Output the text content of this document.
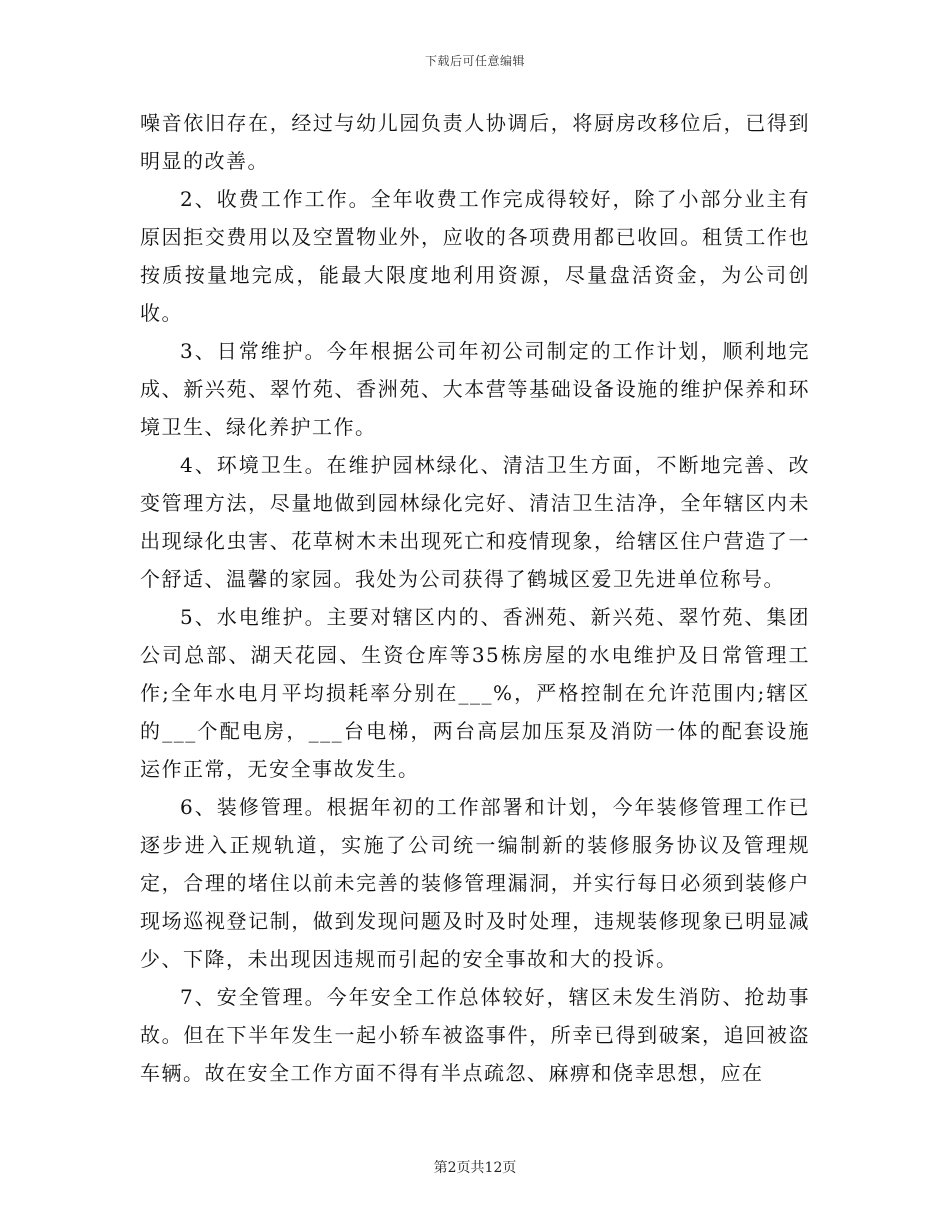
下载后可任意编辑

噪音依旧存在，经过与幼儿园负责人协调后，将厨房改移位后，已得到明显的改善。

2、收费工作工作。全年收费工作完成得较好，除了小部分业主有原因拒交费用以及空置物业外，应收的各项费用都已收回。租赁工作也按质按量地完成，能最大限度地利用资源，尽量盘活资金，为公司创收。

3、日常维护。今年根据公司年初公司制定的工作计划，顺利地完成、新兴苑、翠竹苑、香洲苑、大本营等基础设备设施的维护保养和环境卫生、绿化养护工作。

4、环境卫生。在维护园林绿化、清洁卫生方面，不断地完善、改变管理方法，尽量地做到园林绿化完好、清洁卫生洁净，全年辖区内未出现绿化虫害、花草树木未出现死亡和疫情现象，给辖区住户营造了一个舒适、温馨的家园。我处为公司获得了鹤城区爱卫先进单位称号。

5、水电维护。主要对辖区内的、香洲苑、新兴苑、翠竹苑、集团公司总部、湖天花园、生资仓库等35栋房屋的水电维护及日常管理工作;全年水电月平均损耗率分别在___%，严格控制在允许范围内;辖区的___个配电房，___台电梯，两台高层加压泵及消防一体的配套设施运作正常，无安全事故发生。

6、装修管理。根据年初的工作部署和计划，今年装修管理工作已逐步进入正规轨道，实施了公司统一编制新的装修服务协议及管理规定，合理的堵住以前未完善的装修管理漏洞，并实行每日必须到装修户现场巡视登记制，做到发现问题及时及时处理，违规装修现象已明显减少、下降，未出现因违规而引起的安全事故和大的投诉。

7、安全管理。今年安全工作总体较好，辖区未发生消防、抢劫事故。但在下半年发生一起小轿车被盗事件，所幸已得到破案，追回被盗车辆。故在安全工作方面不得有半点疏忽、麻痹和侥幸思想，应在

第2页共12页
